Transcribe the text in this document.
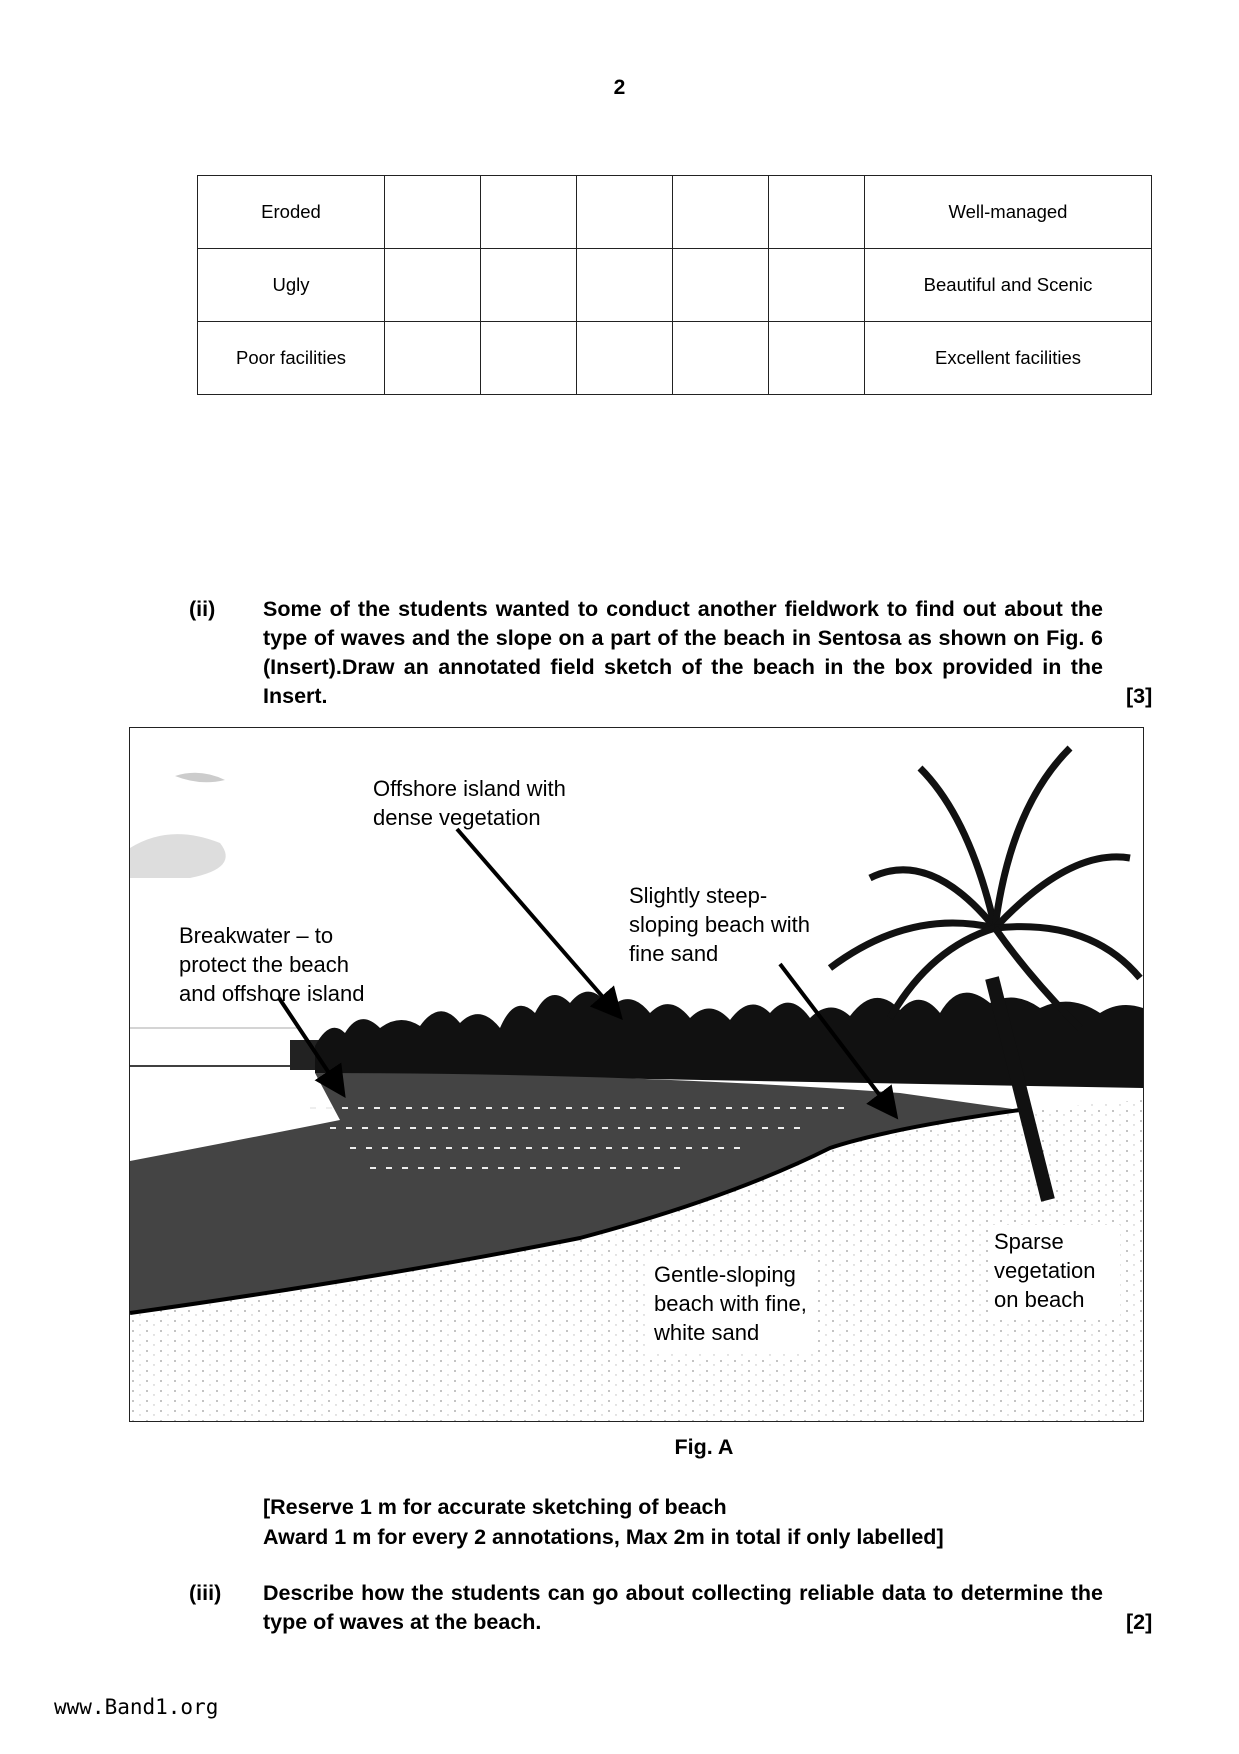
2
Eroded						Well-managed
Ugly						Beautiful and Scenic
Poor facilities						Excellent facilities
(ii) Some of the students wanted to conduct another fieldwork to find out about the type of waves and the slope on a part of the beach in Sentosa as shown on Fig. 6 (Insert).Draw an annotated field sketch of the beach in the box provided in the Insert.	[3]
Offshore island with
dense vegetation
Slightly steep-
sloping beach with
fine sand
Breakwater – to
protect the beach
and offshore island
Gentle-sloping
beach with fine,
white sand
Sparse
vegetation
on beach
Fig. A
[Reserve 1 m for accurate sketching of beach
Award 1 m for every 2 annotations, Max 2m in total if only labelled]
(iii) Describe how the students can go about collecting reliable data to determine the type of waves at the beach.	[2]
www.Band1.org
